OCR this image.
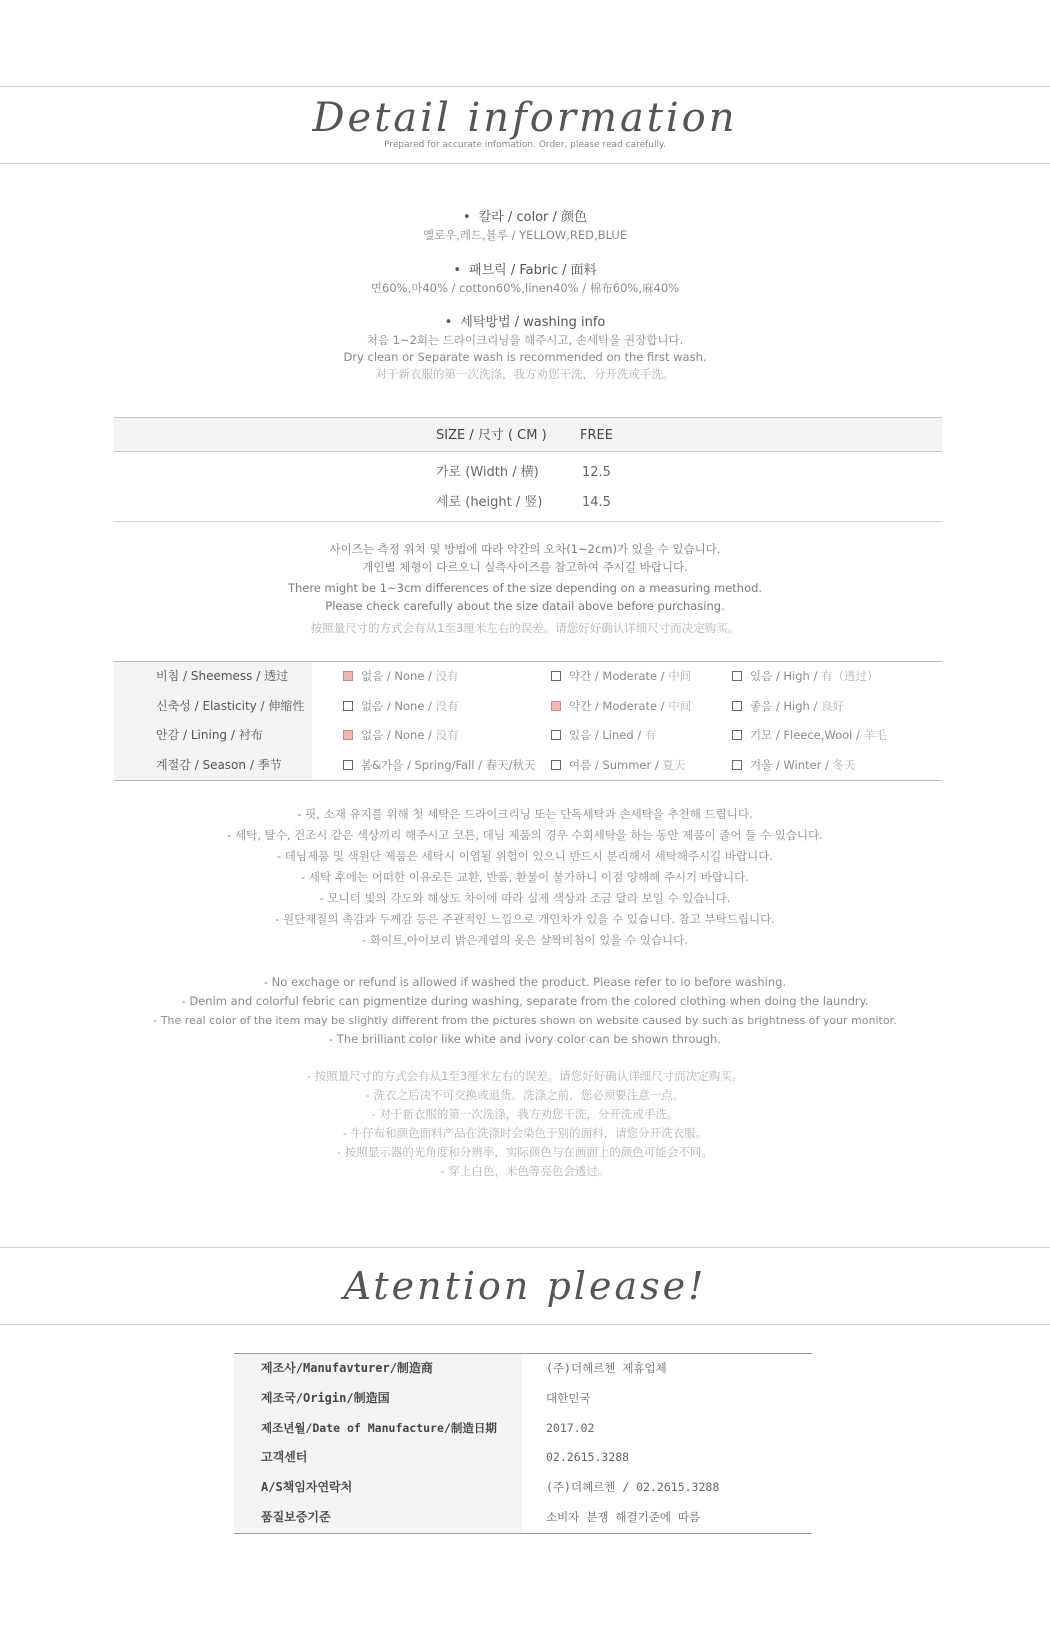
Detail information
Prepared for accurate infomation. Order, please read carefully.
• 칼라 / color / 颜色
옐로우,레드,블루 / YELLOW,RED,BLUE
• 패브릭 / Fabric / 面料
면60%,마40% / cotton60%,linen40% / 棉布60%,麻40%
• 세탁방법 / washing info
처음 1~2회는 드라이크리닝을 해주시고, 손세탁을 권장합니다.
Dry clean or Separate wash is recommended on the first wash.
对于新衣服的第一次洗涤，我方劝您干洗，分开洗或手洗。
SIZE / 尺寸 ( CM )	FREE
가로 (Width / 横)	12.5
세로 (height / 竖)	14.5
사이즈는 측정 위치 및 방법에 따라 약간의 오차(1~2cm)가 있을 수 있습니다.
개인별 체형이 다르오니 실측사이즈를 참고하여 주시길 바랍니다.
There might be 1~3cm differences of the size depending on a measuring method.
Please check carefully about the size datail above before purchasing.
按照量尺寸的方式会有从1至3厘米左右的误差。请您好好确认详细尺寸而决定购买。
비침 / Sheemess / 透过	없음 / None / 没有	약간 / Moderate / 中间	있음 / High / 有（透过）
신축성 / Elasticity / 伸缩性	없음 / None / 没有	약간 / Moderate / 中间	좋음 / High / 良好
안감 / Lining / 衬布	없음 / None / 没有	있음 / Lined / 有	기모 / Fleece,Wool / 羊毛
계절감 / Season / 季节	봄&가을 / Spring/Fall / 春天/秋天	여름 / Summer / 夏天	겨울 / Winter / 冬天
- 핏, 소재 유지를 위해 첫 세탁은 드라이크리닝 또는 단독세탁과 손세탁을 추천해 드립니다.
- 세탁, 탈수, 건조시 같은 색상끼리 해주시고 코튼, 데님 제품의 경우 수회세탁을 하는 동안 제품이 줄어 들 수 있습니다.
- 데님제품 및 색원단 제품은 세탁시 이염될 위험이 있으니 반드시 분리해서 세탁해주시길 바랍니다.
- 세탁 후에는 어떠한 이유로든 교환, 반품, 환불이 불가하니 이점 양해해 주시기 바랍니다.
- 모니터 빛의 각도와 해상도 차이에 따라 실제 색상과 조금 달라 보일 수 있습니다.
- 원단재질의 촉감과 두께감 등은 주관적인 느낌으로 개인차가 있을 수 있습니다. 참고 부탁드립니다.
- 화이트,아이보리 밝은계열의 옷은 살짝비침이 있을 수 있습니다.
- No exchage or refund is allowed if washed the product. Please refer to io before washing.
- Denim and colorful febric can pigmentize during washing, separate from the colored clothing when doing the laundry.
- The real color of the item may be slightly different from the pictures shown on website caused by such as brightness of your monitor.
- The brilliant color like white and ivory color can be shown through.
- 按照量尺寸的方式会有从1至3厘米左右的误差。请您好好确认详细尺寸而决定购买。
- 洗衣之后决不可交换或退货。洗涤之前，您必须要注意一点。
- 对于新衣服的第一次洗涤，我方劝您干洗，分开洗或手洗。
- 牛仔布和颜色面料产品在洗涤时会染色于别的面料，请您分开洗衣服。
- 按照显示器的光角度和分辨率，实际颜色与在画面上的颜色可能会不同。
- 穿上白色，米色等亮色会透过。
Atention please!
제조사/Manufavturer/制造商	(주)더헤르첸 제휴업체
제조국/Origin/制造国	대한민국
제조년월/Date of Manufacture/制造日期	2017.02
고객센터	02.2615.3288
A/S책임자연락처	(주)더헤르첸 / 02.2615.3288
품질보증기준	소비자 분쟁 해결기준에 따름
